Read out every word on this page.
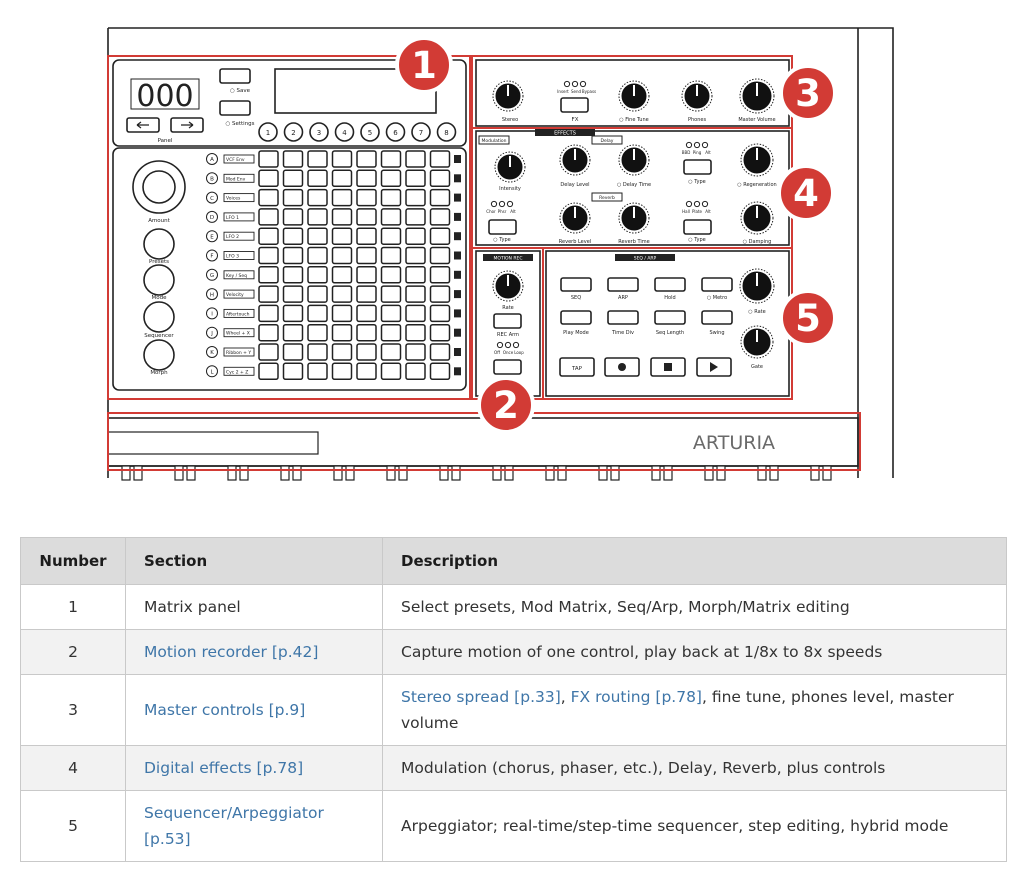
000	○ Save
○ Settings
Panel
1	2	3	4	5	6	7	8
Amount
Presets
Mode
Sequencer
Morph
A	VCF Env
B	Mod Env
C	Voices
D	LFO 1
E	LFO 2
F	LFO 3
G	Key / Seq
H	Velocity
I	Aftertouch
J	Wheel + X
K	Ribbon + Y
L	Cyc 2 + Z
Stereo
Insert Send Bypass
FX	○ Fine Tune	Phones	Master Volume
EFFECTS
Modulation	Delay
Reverb
Intensity
Delay Level	○ Delay Time
BBD Ping Alt
○ Type	○ Regeneration
Chor Phsr Alt
○ Type	Reverb Level	Reverb Time
Hall Plate Alt
○ Type	○ Damping
MOTION REC
Rate
REC Arm
Off Once Loop
SEQ / ARP
SEQ	ARP	Hold	○ Metro
Play Mode	Time Div	Seq Length	Swing
TAP
○ Rate
Gate
ARTURIA
1
2
3
4
5
Number	Section	Description
1	Matrix panel	Select presets, Mod Matrix, Seq/Arp, Morph/Matrix editing
2	Motion recorder [p.42]	Capture motion of one control, play back at 1/8x to 8x speeds
3	Master controls [p.9]	Stereo spread [p.33], FX routing [p.78], fine tune, phones level, master volume
4	Digital effects [p.78]	Modulation (chorus, phaser, etc.), Delay, Reverb, plus controls
5	Sequencer/Arpeggiator [p.53]	Arpeggiator; real-time/step-time sequencer, step editing, hybrid mode
